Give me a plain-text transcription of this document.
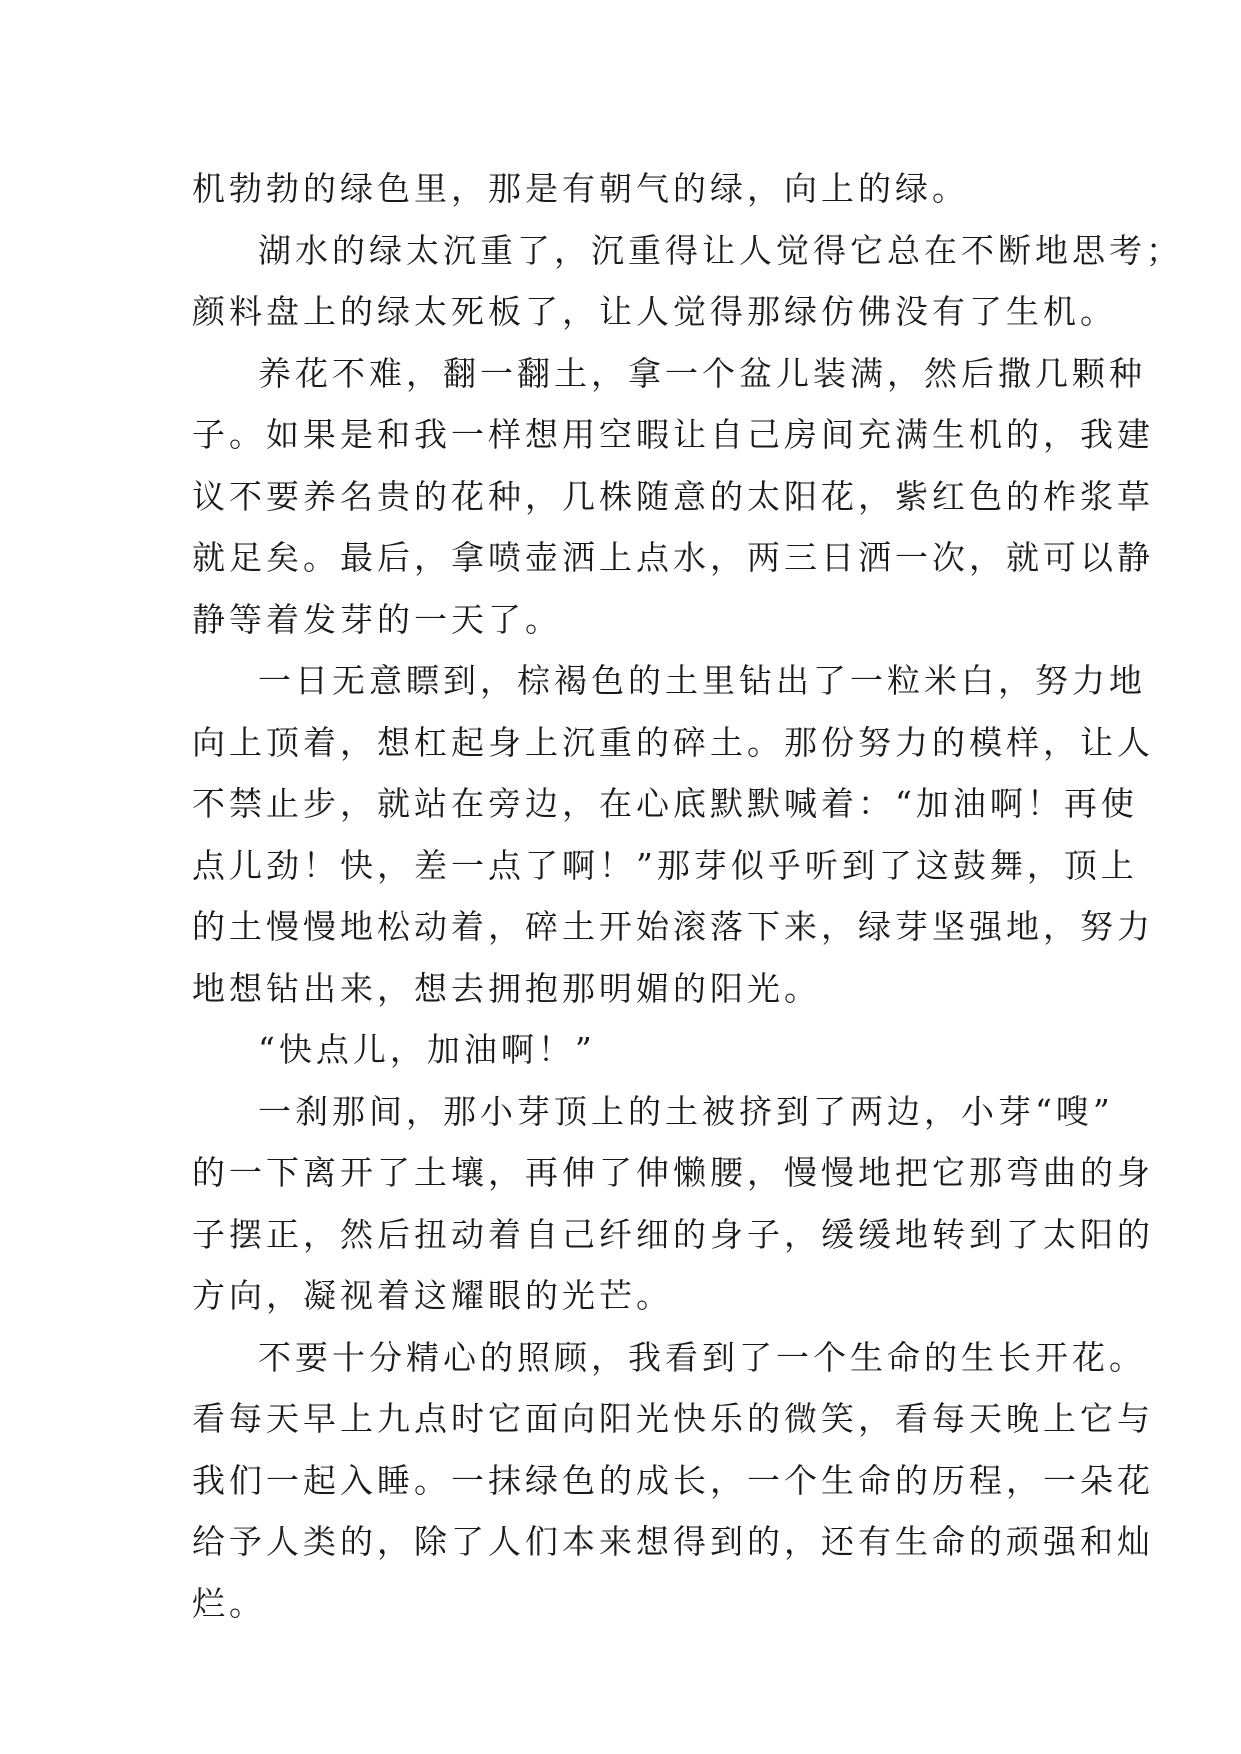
机勃勃的绿色里，那是有朝气的绿，向上的绿。
湖水的绿太沉重了，沉重得让人觉得它总在不断地思考；
颜料盘上的绿太死板了，让人觉得那绿仿佛没有了生机。
养花不难，翻一翻土，拿一个盆儿装满，然后撒几颗种
子。如果是和我一样想用空暇让自己房间充满生机的，我建
议不要养名贵的花种，几株随意的太阳花，紫红色的柞浆草
就足矣。最后，拿喷壶洒上点水，两三日洒一次，就可以静
静等着发芽的一天了。
一日无意瞟到，棕褐色的土里钻出了一粒米白，努力地
向上顶着，想杠起身上沉重的碎土。那份努力的模样，让人
不禁止步，就站在旁边，在心底默默喊着：“加油啊！再使
点儿劲！快，差一点了啊！”那芽似乎听到了这鼓舞，顶上
的土慢慢地松动着，碎土开始滚落下来，绿芽坚强地，努力
地想钻出来，想去拥抱那明媚的阳光。
“快点儿，加油啊！”
一刹那间，那小芽顶上的土被挤到了两边，小芽“嗖”
的一下离开了土壤，再伸了伸懒腰，慢慢地把它那弯曲的身
子摆正，然后扭动着自己纤细的身子，缓缓地转到了太阳的
方向，凝视着这耀眼的光芒。
不要十分精心的照顾，我看到了一个生命的生长开花。
看每天早上九点时它面向阳光快乐的微笑，看每天晚上它与
我们一起入睡。一抹绿色的成长，一个生命的历程，一朵花
给予人类的，除了人们本来想得到的，还有生命的顽强和灿
烂。
